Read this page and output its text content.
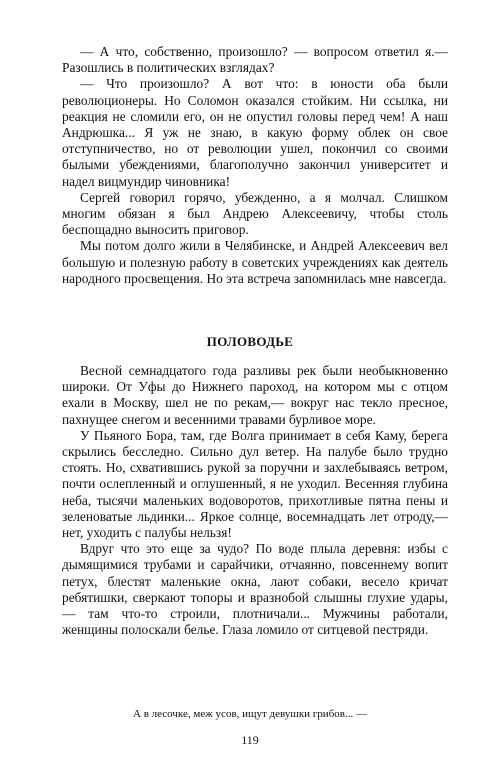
— А что, собственно, произошло? — вопросом ответил я.— Разошлись в политических взглядах?

— Что произошло? А вот что: в юности оба были революционеры. Но Соломон оказался стойким. Ни ссылка, ни реакция не сломили его, он не опустил головы перед чем! А наш Андрюшка... Я уж не знаю, в какую форму облек он свое отступничество, но от революции ушел, покончил со своими былыми убеждениями, благополучно закончил университет и надел вицмундир чиновника!

Сергей говорил горячо, убежденно, а я молчал. Слишком многим обязан я был Андрею Алексеевичу, чтобы столь беспощадно выносить приговор.

Мы потом долго жили в Челябинске, и Андрей Алексеевич вел большую и полезную работу в советских учреждениях как деятель народного просвещения. Но эта встреча запомнилась мне навсегда.

ПОЛОВОДЬЕ

Весной семнадцатого года разливы рек были необыкновенно широки. От Уфы до Нижнего пароход, на котором мы с отцом ехали в Москву, шел не по рекам,— вокруг нас текло пресное, пахнущее снегом и весенними травами бурливое море.

У Пьяного Бора, там, где Волга принимает в себя Каму, берега скрылись бесследно. Сильно дул ветер. На палубе было трудно стоять. Но, схватившись рукой за поручни и захлебываясь ветром, почти ослепленный и оглушенный, я не уходил. Весенняя глубина неба, тысячи маленьких водоворотов, прихотливые пятна пены и зеленоватые льдинки... Яркое солнце, восемнадцать лет отроду,— нет, уходить с палубы нельзя!

Вдруг что это еще за чудо? По воде плыла деревня: избы с дымящимися трубами и сарайчики, отчаянно, повсеннему вопит петух, блестят маленькие окна, лают собаки, весело кричат ребятишки, сверкают топоры и вразнобой слышны глухие удары,— там что-то строили, плотничали... Мужчины работали, женщины полоскали белье. Глаза ломило от ситцевой пестряди.

А в лесочке, меж усов, ищут девушки грибов... —
119
